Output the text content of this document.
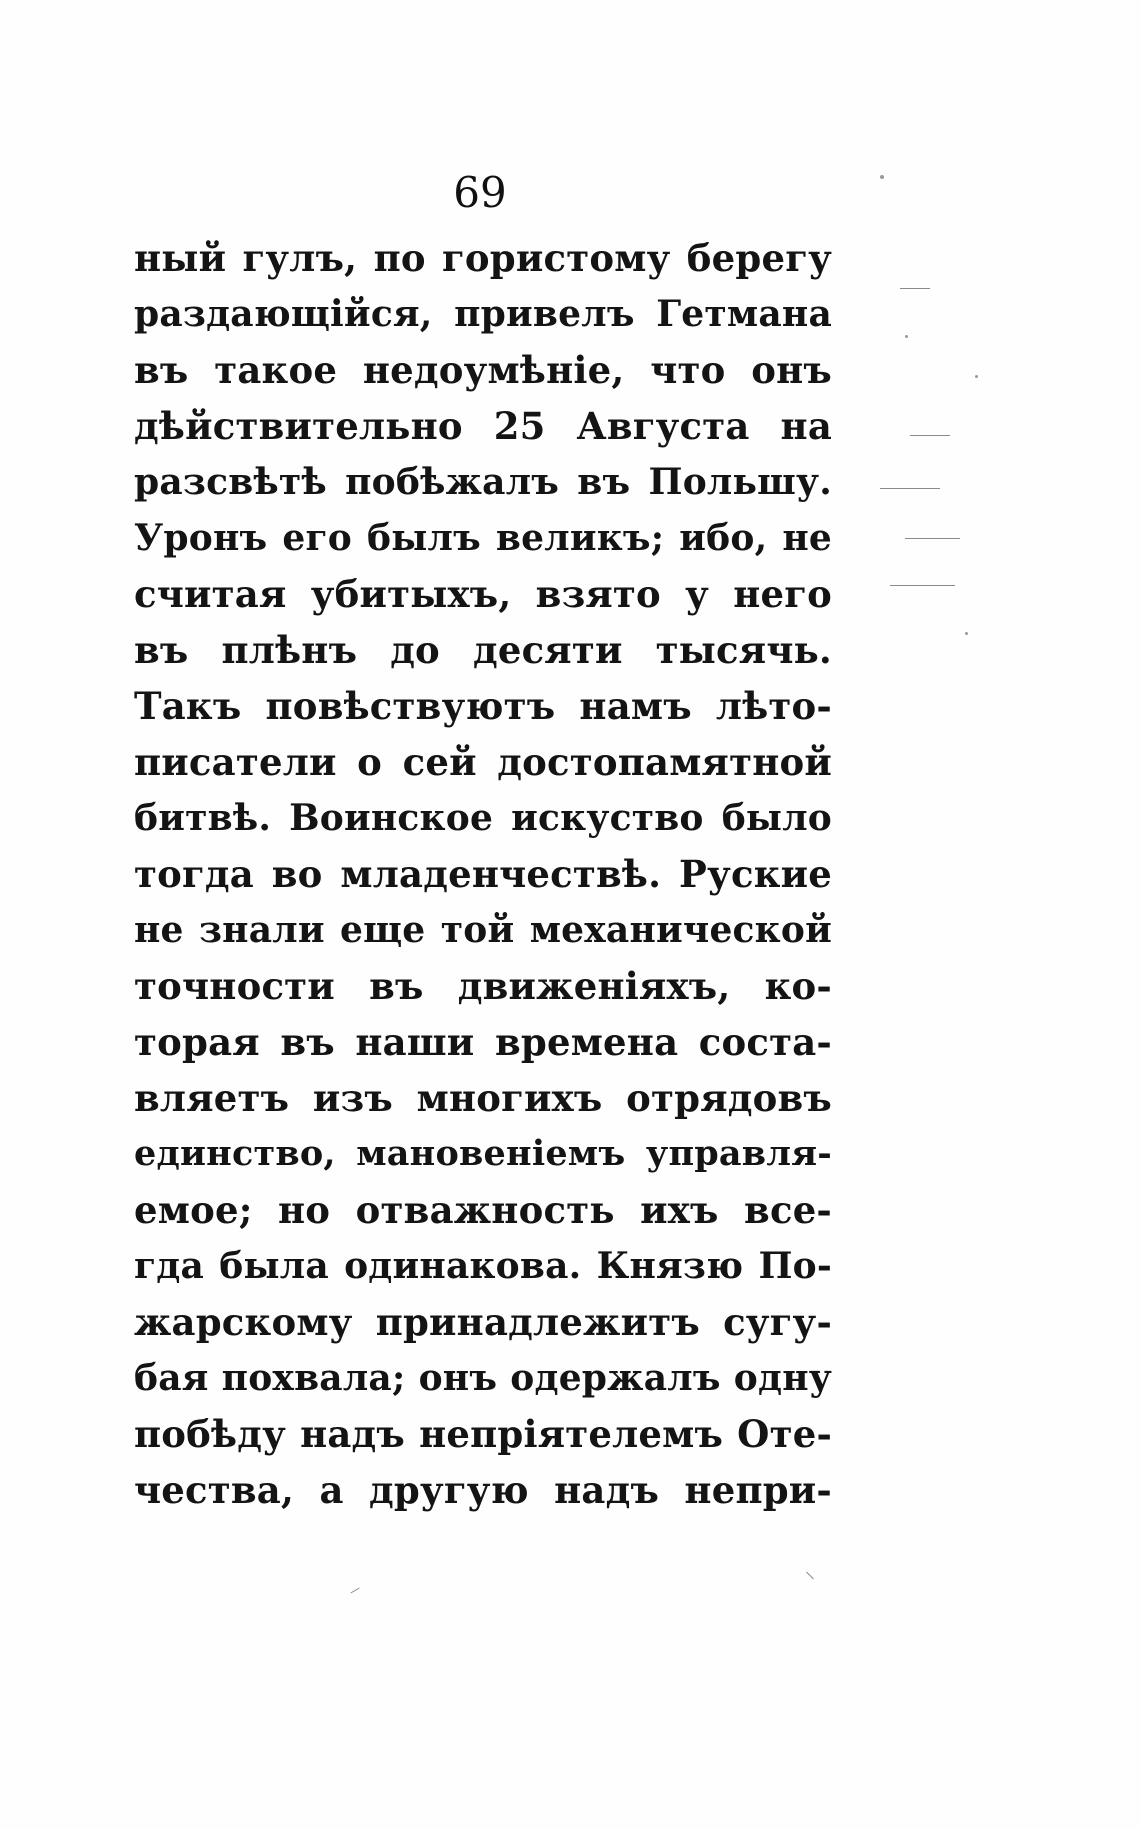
69
ный гулъ, по гористому берегу
раздающійся, привелъ Гетмана
въ такое недоумѣніе, что онъ
дѣйствительно 25 Августа на
разсвѣтѣ побѣжалъ въ Польшу.
Уронъ его былъ великъ; ибо, не
считая убитыхъ, взято у него
въ плѣнъ до десяти тысячь.
Такъ повѣствуютъ намъ лѣто-
писатели о сей достопамятной
битвѣ. Воинское искуство было
тогда во младенчествѣ. Руские
не знали еще той механической
точности въ движеніяхъ, ко-
торая въ наши времена состa-
вляетъ изъ многихъ отрядовъ
единство, мановеніемъ управля-
емое; но отважность ихъ все-
гда была одинакова. Князю По-
жарскому принадлежитъ сугу-
бая похвала; онъ одержалъ одну
побѣду надъ непріятелемъ Оте-
чества, а другую надъ непри-
